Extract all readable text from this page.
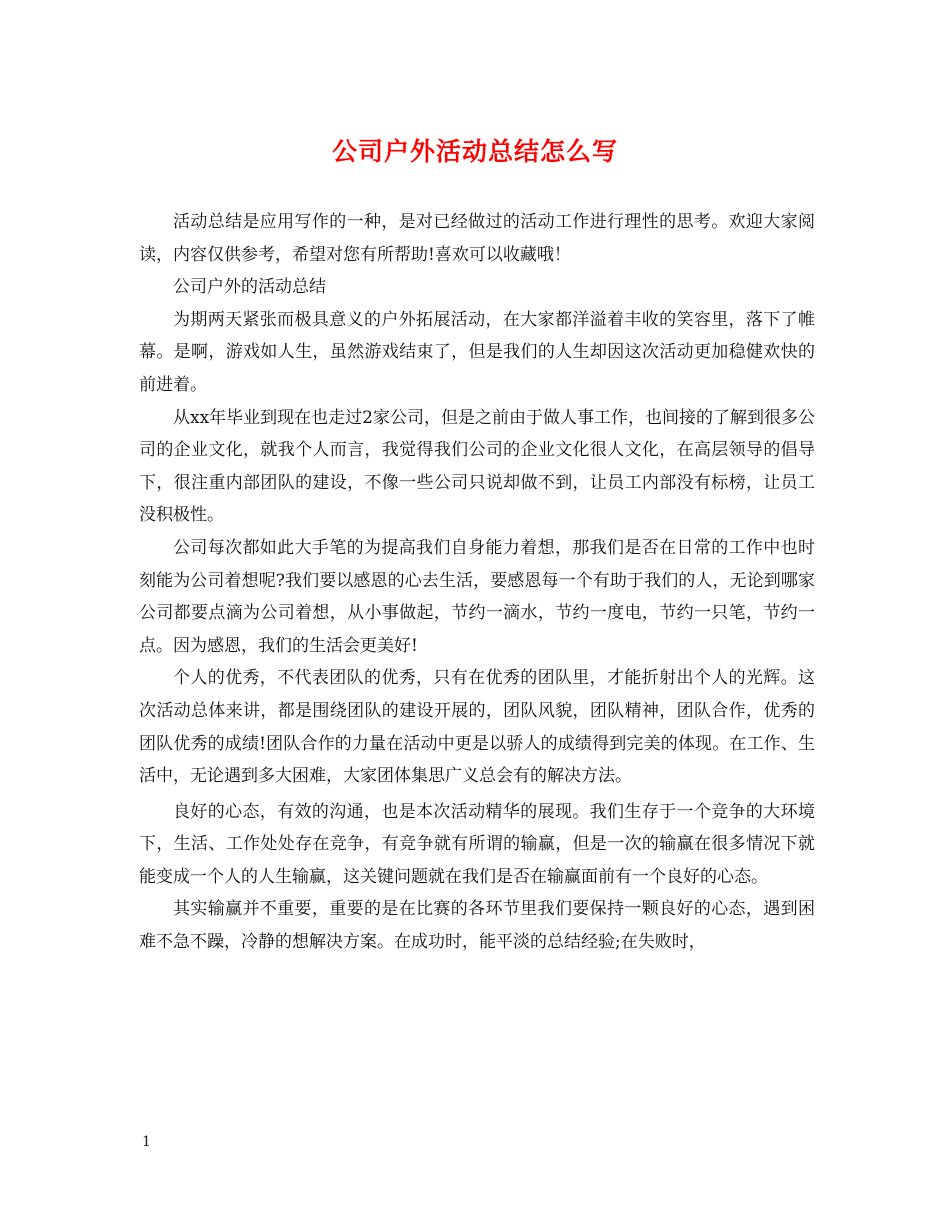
公司户外活动总结怎么写

活动总结是应用写作的一种，是对已经做过的活动工作进行理性的思考。欢迎大家阅读，内容仅供参考，希望对您有所帮助!喜欢可以收藏哦！

公司户外的活动总结

为期两天紧张而极具意义的户外拓展活动，在大家都洋溢着丰收的笑容里，落下了帷幕。是啊，游戏如人生，虽然游戏结束了，但是我们的人生却因这次活动更加稳健欢快的前进着。

从xx年毕业到现在也走过2家公司，但是之前由于做人事工作，也间接的了解到很多公司的企业文化，就我个人而言，我觉得我们公司的企业文化很人文化，在高层领导的倡导下，很注重内部团队的建设，不像一些公司只说却做不到，让员工内部没有标榜，让员工没积极性。

公司每次都如此大手笔的为提高我们自身能力着想，那我们是否在日常的工作中也时刻能为公司着想呢?我们要以感恩的心去生活，要感恩每一个有助于我们的人，无论到哪家公司都要点滴为公司着想，从小事做起，节约一滴水，节约一度电，节约一只笔，节约一点。因为感恩，我们的生活会更美好!

个人的优秀，不代表团队的优秀，只有在优秀的团队里，才能折射出个人的光辉。这次活动总体来讲，都是围绕团队的建设开展的，团队风貌，团队精神，团队合作，优秀的团队优秀的成绩!团队合作的力量在活动中更是以骄人的成绩得到完美的体现。在工作、生活中，无论遇到多大困难，大家团体集思广义总会有的解决方法。

良好的心态，有效的沟通，也是本次活动精华的展现。我们生存于一个竞争的大环境下，生活、工作处处存在竞争，有竞争就有所谓的输赢，但是一次的输赢在很多情况下就能变成一个人的人生输赢，这关键问题就在我们是否在输赢面前有一个良好的心态。

其实输赢并不重要，重要的是在比赛的各环节里我们要保持一颗良好的心态，遇到困难不急不躁，冷静的想解决方案。在成功时，能平淡的总结经验;在失败时，

1
